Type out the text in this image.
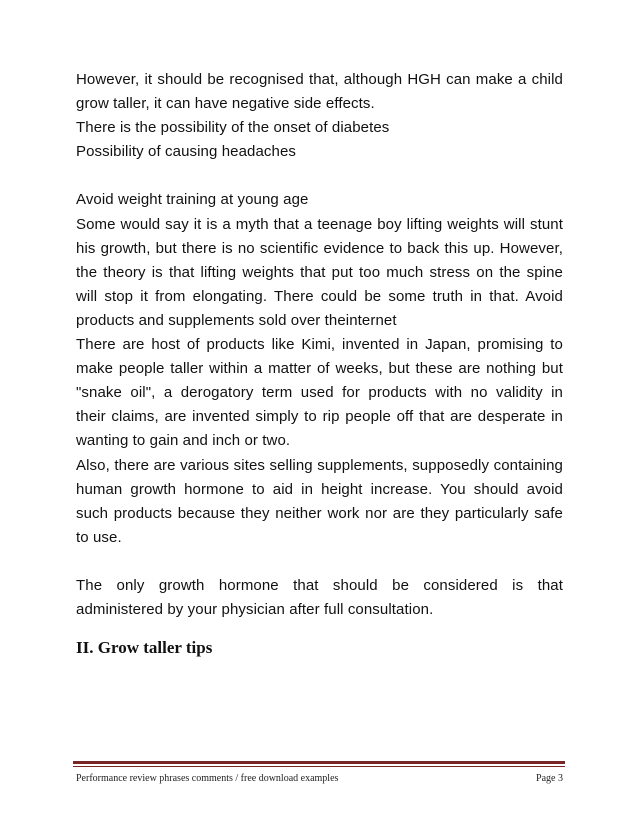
However, it should be recognised that, although HGH can make a child
grow taller, it can have negative side effects.
There is the possibility of the onset of diabetes
Possibility of causing headaches
Avoid weight training at young age
Some would say it is a myth that a teenage boy lifting weights will stunt
his growth, but there is no scientific evidence to back this up. However,
the theory is that lifting weights that put too much stress on the spine
will stop it from elongating. There could be some truth in that. Avoid
products and supplements sold over theinternet
There are host of products like Kimi, invented in Japan, promising to
make people taller within a matter of weeks, but these are nothing but
"snake oil", a derogatory term used for products with no validity in
their claims, are invented simply to rip people off that are desperate in
wanting to gain and inch or two.
Also, there are various sites selling supplements, supposedly containing
human growth hormone to aid in height increase. You should avoid
such products because they neither work nor are they particularly safe
to use.
The only growth hormone that should be considered is that
administered by your physician after full consultation.
II. Grow taller tips
Performance review phrases comments / free download examples	Page 3
